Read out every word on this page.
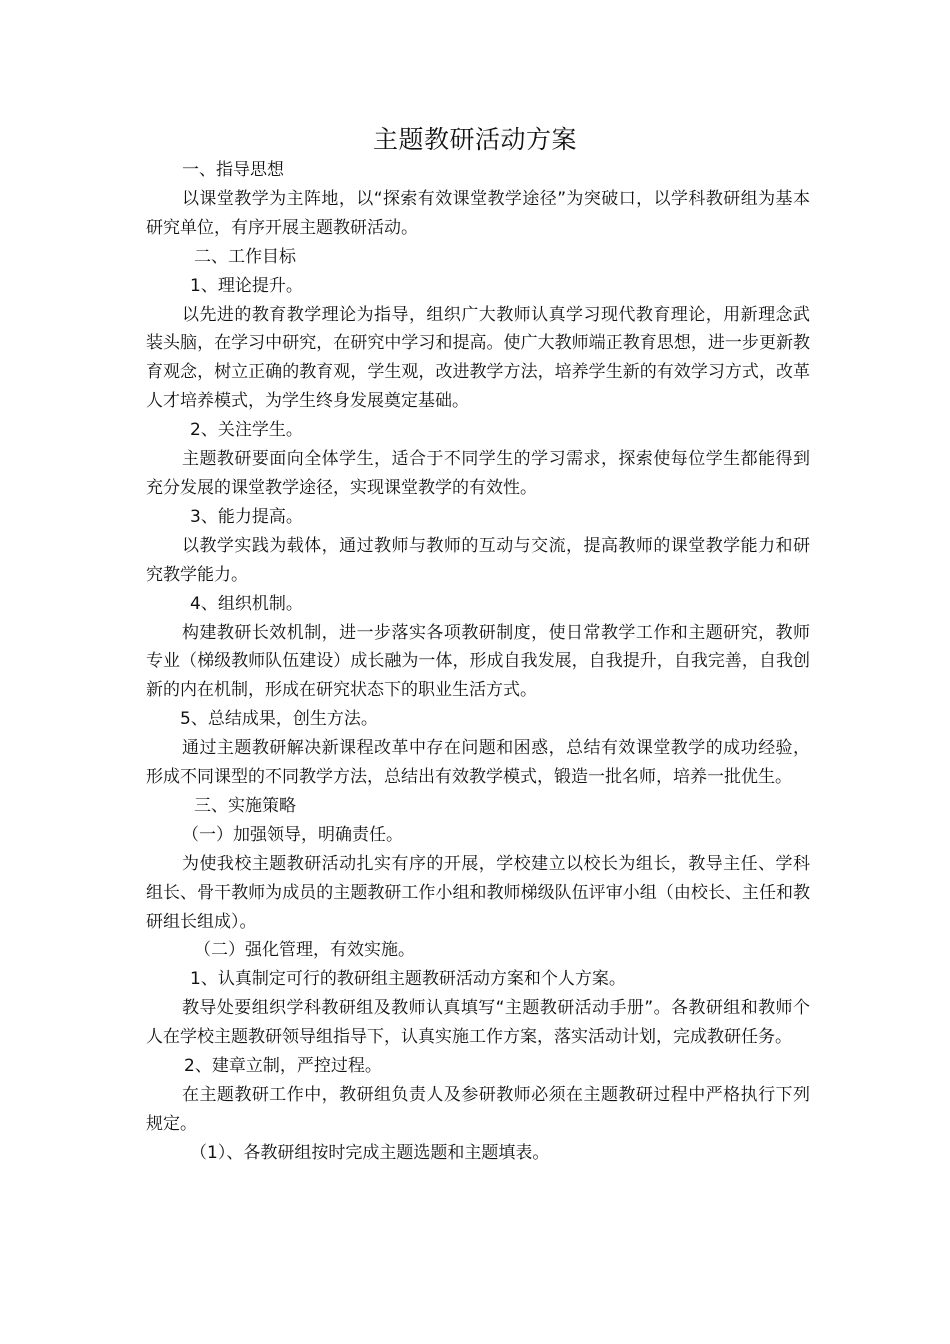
主题教研活动方案

一、指导思想

以课堂教学为主阵地，以“探索有效课堂教学途径”为突破口，以学科教研组为基本研究单位，有序开展主题教研活动。

二、工作目标

1、理论提升。

以先进的教育教学理论为指导，组织广大教师认真学习现代教育理论，用新理念武装头脑，在学习中研究，在研究中学习和提高。使广大教师端正教育思想，进一步更新教育观念，树立正确的教育观，学生观，改进教学方法，培养学生新的有效学习方式，改革人才培养模式，为学生终身发展奠定基础。

2、关注学生。

主题教研要面向全体学生，适合于不同学生的学习需求，探索使每位学生都能得到充分发展的课堂教学途径，实现课堂教学的有效性。

3、能力提高。

以教学实践为载体，通过教师与教师的互动与交流，提高教师的课堂教学能力和研究教学能力。

4、组织机制。

构建教研长效机制，进一步落实各项教研制度，使日常教学工作和主题研究，教师专业（梯级教师队伍建设）成长融为一体，形成自我发展，自我提升，自我完善，自我创新的内在机制，形成在研究状态下的职业生活方式。

5、总结成果，创生方法。

通过主题教研解决新课程改革中存在问题和困惑，总结有效课堂教学的成功经验，形成不同课型的不同教学方法，总结出有效教学模式，锻造一批名师，培养一批优生。

三、实施策略

（一）加强领导，明确责任。

为使我校主题教研活动扎实有序的开展，学校建立以校长为组长，教导主任、学科组长、骨干教师为成员的主题教研工作小组和教师梯级队伍评审小组（由校长、主任和教研组长组成）。

（二）强化管理，有效实施。

1、认真制定可行的教研组主题教研活动方案和个人方案。

教导处要组织学科教研组及教师认真填写“主题教研活动手册”。各教研组和教师个人在学校主题教研领导组指导下，认真实施工作方案，落实活动计划，完成教研任务。

2、建章立制，严控过程。

在主题教研工作中，教研组负责人及参研教师必须在主题教研过程中严格执行下列规定。

（1）、各教研组按时完成主题选题和主题填表。
